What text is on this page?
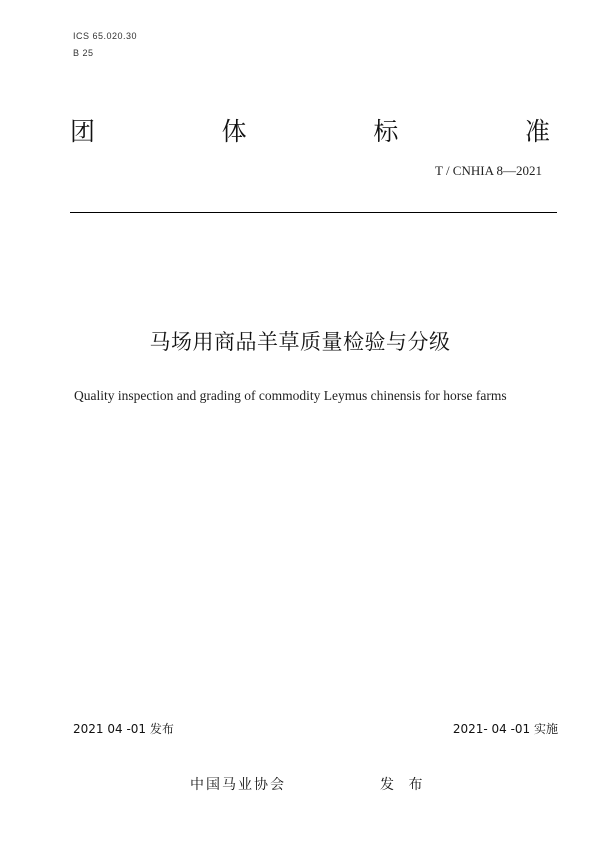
ICS 65.020.30
B 25
团	体	标	准
T / CNHIA 8—2021
马场用商品羊草质量检验与分级
Quality inspection and grading of commodity Leymus chinensis for horse farms
2021 04 -01 发布	2021- 04 -01 实施
中国马业协会	发 布
